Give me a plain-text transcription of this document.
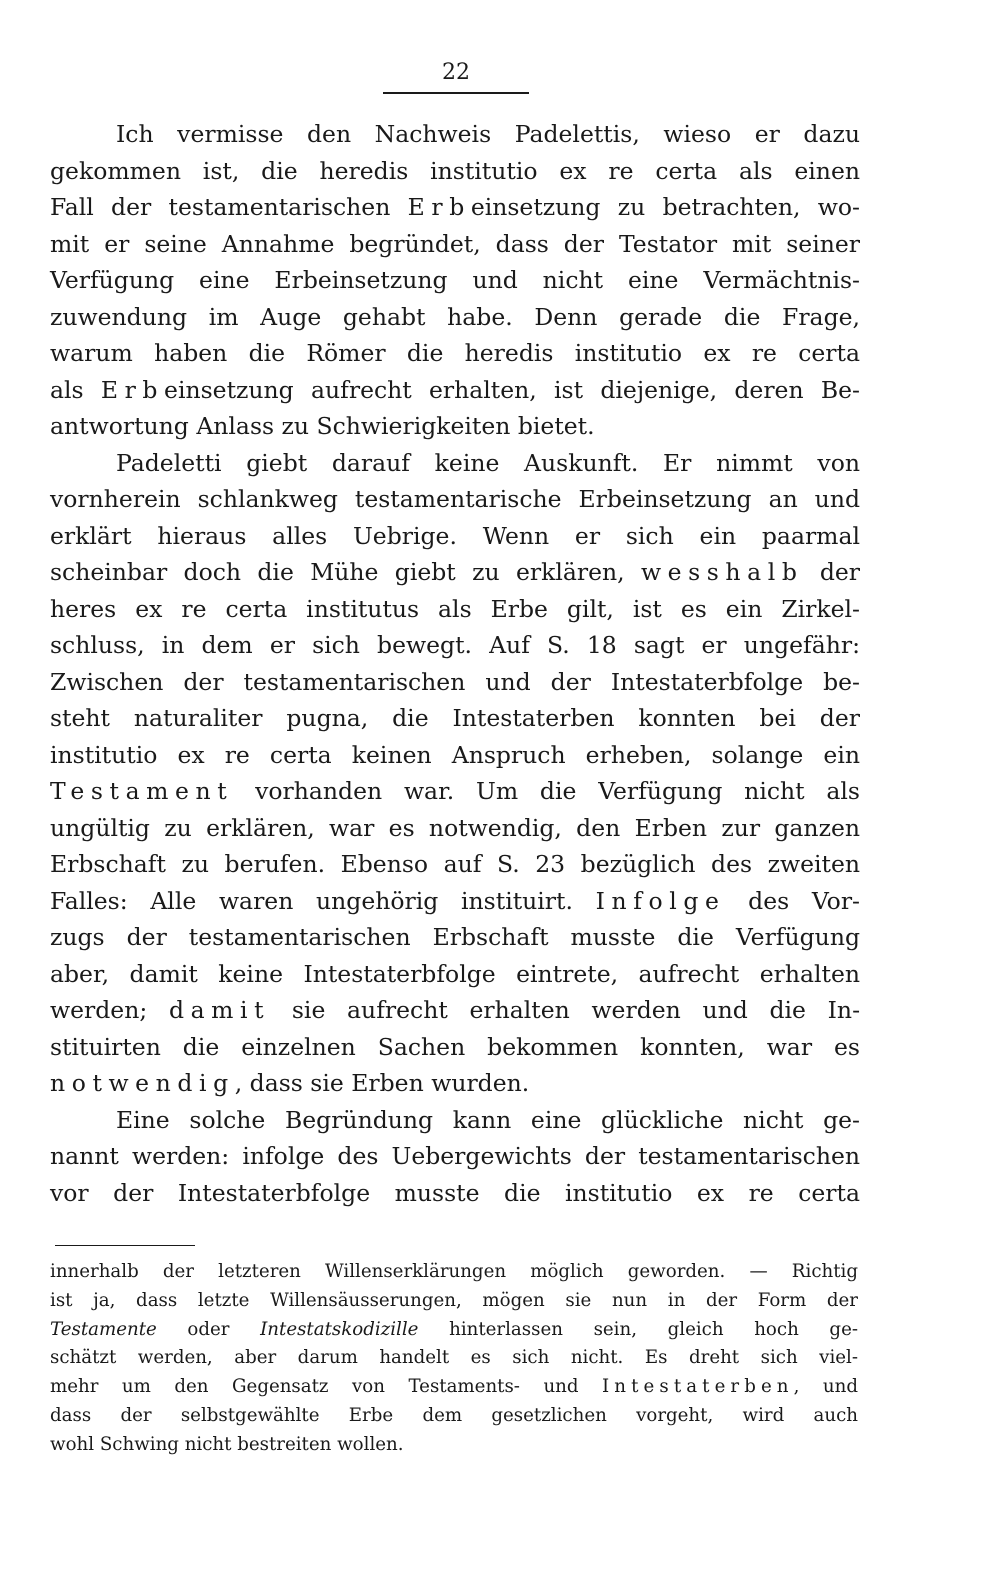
22
Ich vermisse den Nachweis Padelettis, wieso er dazu
gekommen ist, die heredis institutio ex re certa als einen
Fall der testamentarischen Erbeinsetzung zu betrachten, wo-
mit er seine Annahme begründet, dass der Testator mit seiner
Verfügung eine Erbeinsetzung und nicht eine Vermächtnis-
zuwendung im Auge gehabt habe. Denn gerade die Frage,
warum haben die Römer die heredis institutio ex re certa
als Erbeinsetzung aufrecht erhalten, ist diejenige, deren Be-
antwortung Anlass zu Schwierigkeiten bietet.
Padeletti giebt darauf keine Auskunft. Er nimmt von
vornherein schlankweg testamentarische Erbeinsetzung an und
erklärt hieraus alles Uebrige. Wenn er sich ein paarmal
scheinbar doch die Mühe giebt zu erklären, wesshalb der
heres ex re certa institutus als Erbe gilt, ist es ein Zirkel-
schluss, in dem er sich bewegt. Auf S. 18 sagt er ungefähr:
Zwischen der testamentarischen und der Intestaterbfolge be-
steht naturaliter pugna, die Intestaterben konnten bei der
institutio ex re certa keinen Anspruch erheben, solange ein
Testament vorhanden war. Um die Verfügung nicht als
ungültig zu erklären, war es notwendig, den Erben zur ganzen
Erbschaft zu berufen. Ebenso auf S. 23 bezüglich des zweiten
Falles: Alle waren ungehörig instituirt. Infolge des Vor-
zugs der testamentarischen Erbschaft musste die Verfügung
aber, damit keine Intestaterbfolge eintrete, aufrecht erhalten
werden; damit sie aufrecht erhalten werden und die In-
stituirten die einzelnen Sachen bekommen konnten, war es
notwendig, dass sie Erben wurden.
Eine solche Begründung kann eine glückliche nicht ge-
nannt werden: infolge des Uebergewichts der testamentarischen
vor der Intestaterbfolge musste die institutio ex re certa
innerhalb der letzteren Willenserklärungen möglich geworden. — Richtig
ist ja, dass letzte Willensäusserungen, mögen sie nun in der Form der
Testamente oder Intestatskodizille hinterlassen sein, gleich hoch ge-
schätzt werden, aber darum handelt es sich nicht. Es dreht sich viel-
mehr um den Gegensatz von Testaments- und Intestaterben, und
dass der selbstgewählte Erbe dem gesetzlichen vorgeht, wird auch
wohl Schwing nicht bestreiten wollen.
